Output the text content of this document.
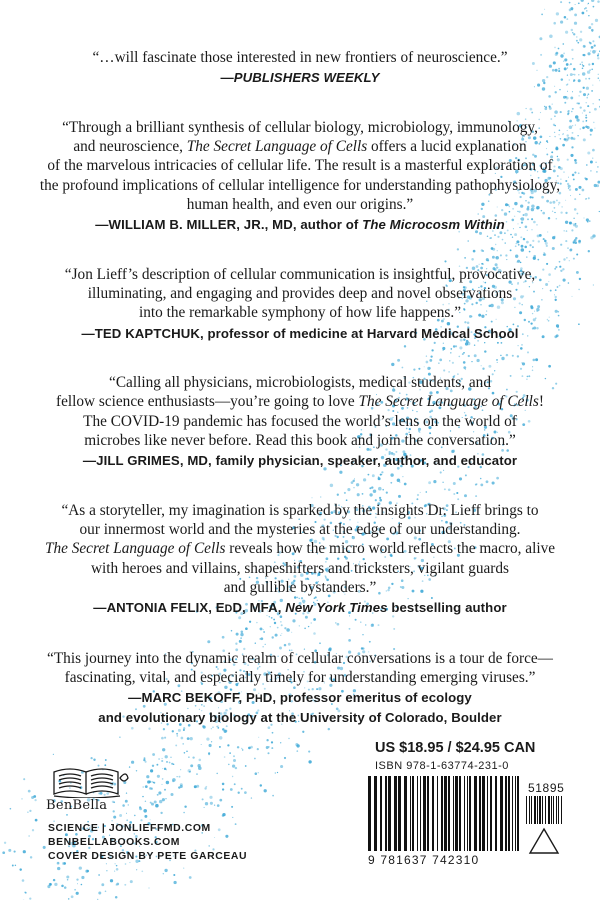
“…will fascinate those interested in new frontiers of neuroscience.”

—PUBLISHERS WEEKLY

“Through a brilliant synthesis of cellular biology, microbiology, immunology,
and neuroscience, The Secret Language of Cells offers a lucid explanation
of the marvelous intricacies of cellular life. The result is a masterful exploration of
the profound implications of cellular intelligence for understanding pathophysiology,
human health, and even our origins.”

—WILLIAM B. MILLER, JR., MD, author of The Microcosm Within

“Jon Lieff’s description of cellular communication is insightful, provocative,
illuminating, and engaging and provides deep and novel observations
into the remarkable symphony of how life happens.”

—TED KAPTCHUK, professor of medicine at Harvard Medical School

“Calling all physicians, microbiologists, medical students, and
fellow science enthusiasts—you’re going to love The Secret Language of Cells!
The COVID-19 pandemic has focused the world’s lens on the world of
microbes like never before. Read this book and join the conversation.”

—JILL GRIMES, MD, family physician, speaker, author, and educator

“As a storyteller, my imagination is sparked by the insights Dr. Lieff brings to
our innermost world and the mysteries at the edge of our understanding.
The Secret Language of Cells reveals how the micro world reflects the macro, alive
with heroes and villains, shapeshifters and tricksters, vigilant guards
and gullible bystanders.”

—ANTONIA FELIX, EDD, MFA, New York Times bestselling author

“This journey into the dynamic realm of cellular conversations is a tour de force—
fascinating, vital, and especially timely for understanding emerging viruses.”

—MARC BEKOFF, PHD, professor emeritus of ecology
and evolutionary biology at the University of Colorado, Boulder
BenBella
SCIENCE | JONLIEFFMD.COM
BENBELLABOOKS.COM
COVER DESIGN BY PETE GARCEAU
US $18.95 / $24.95 CAN
ISBN 978-1-63774-231-0
9 781637 742310
51895
